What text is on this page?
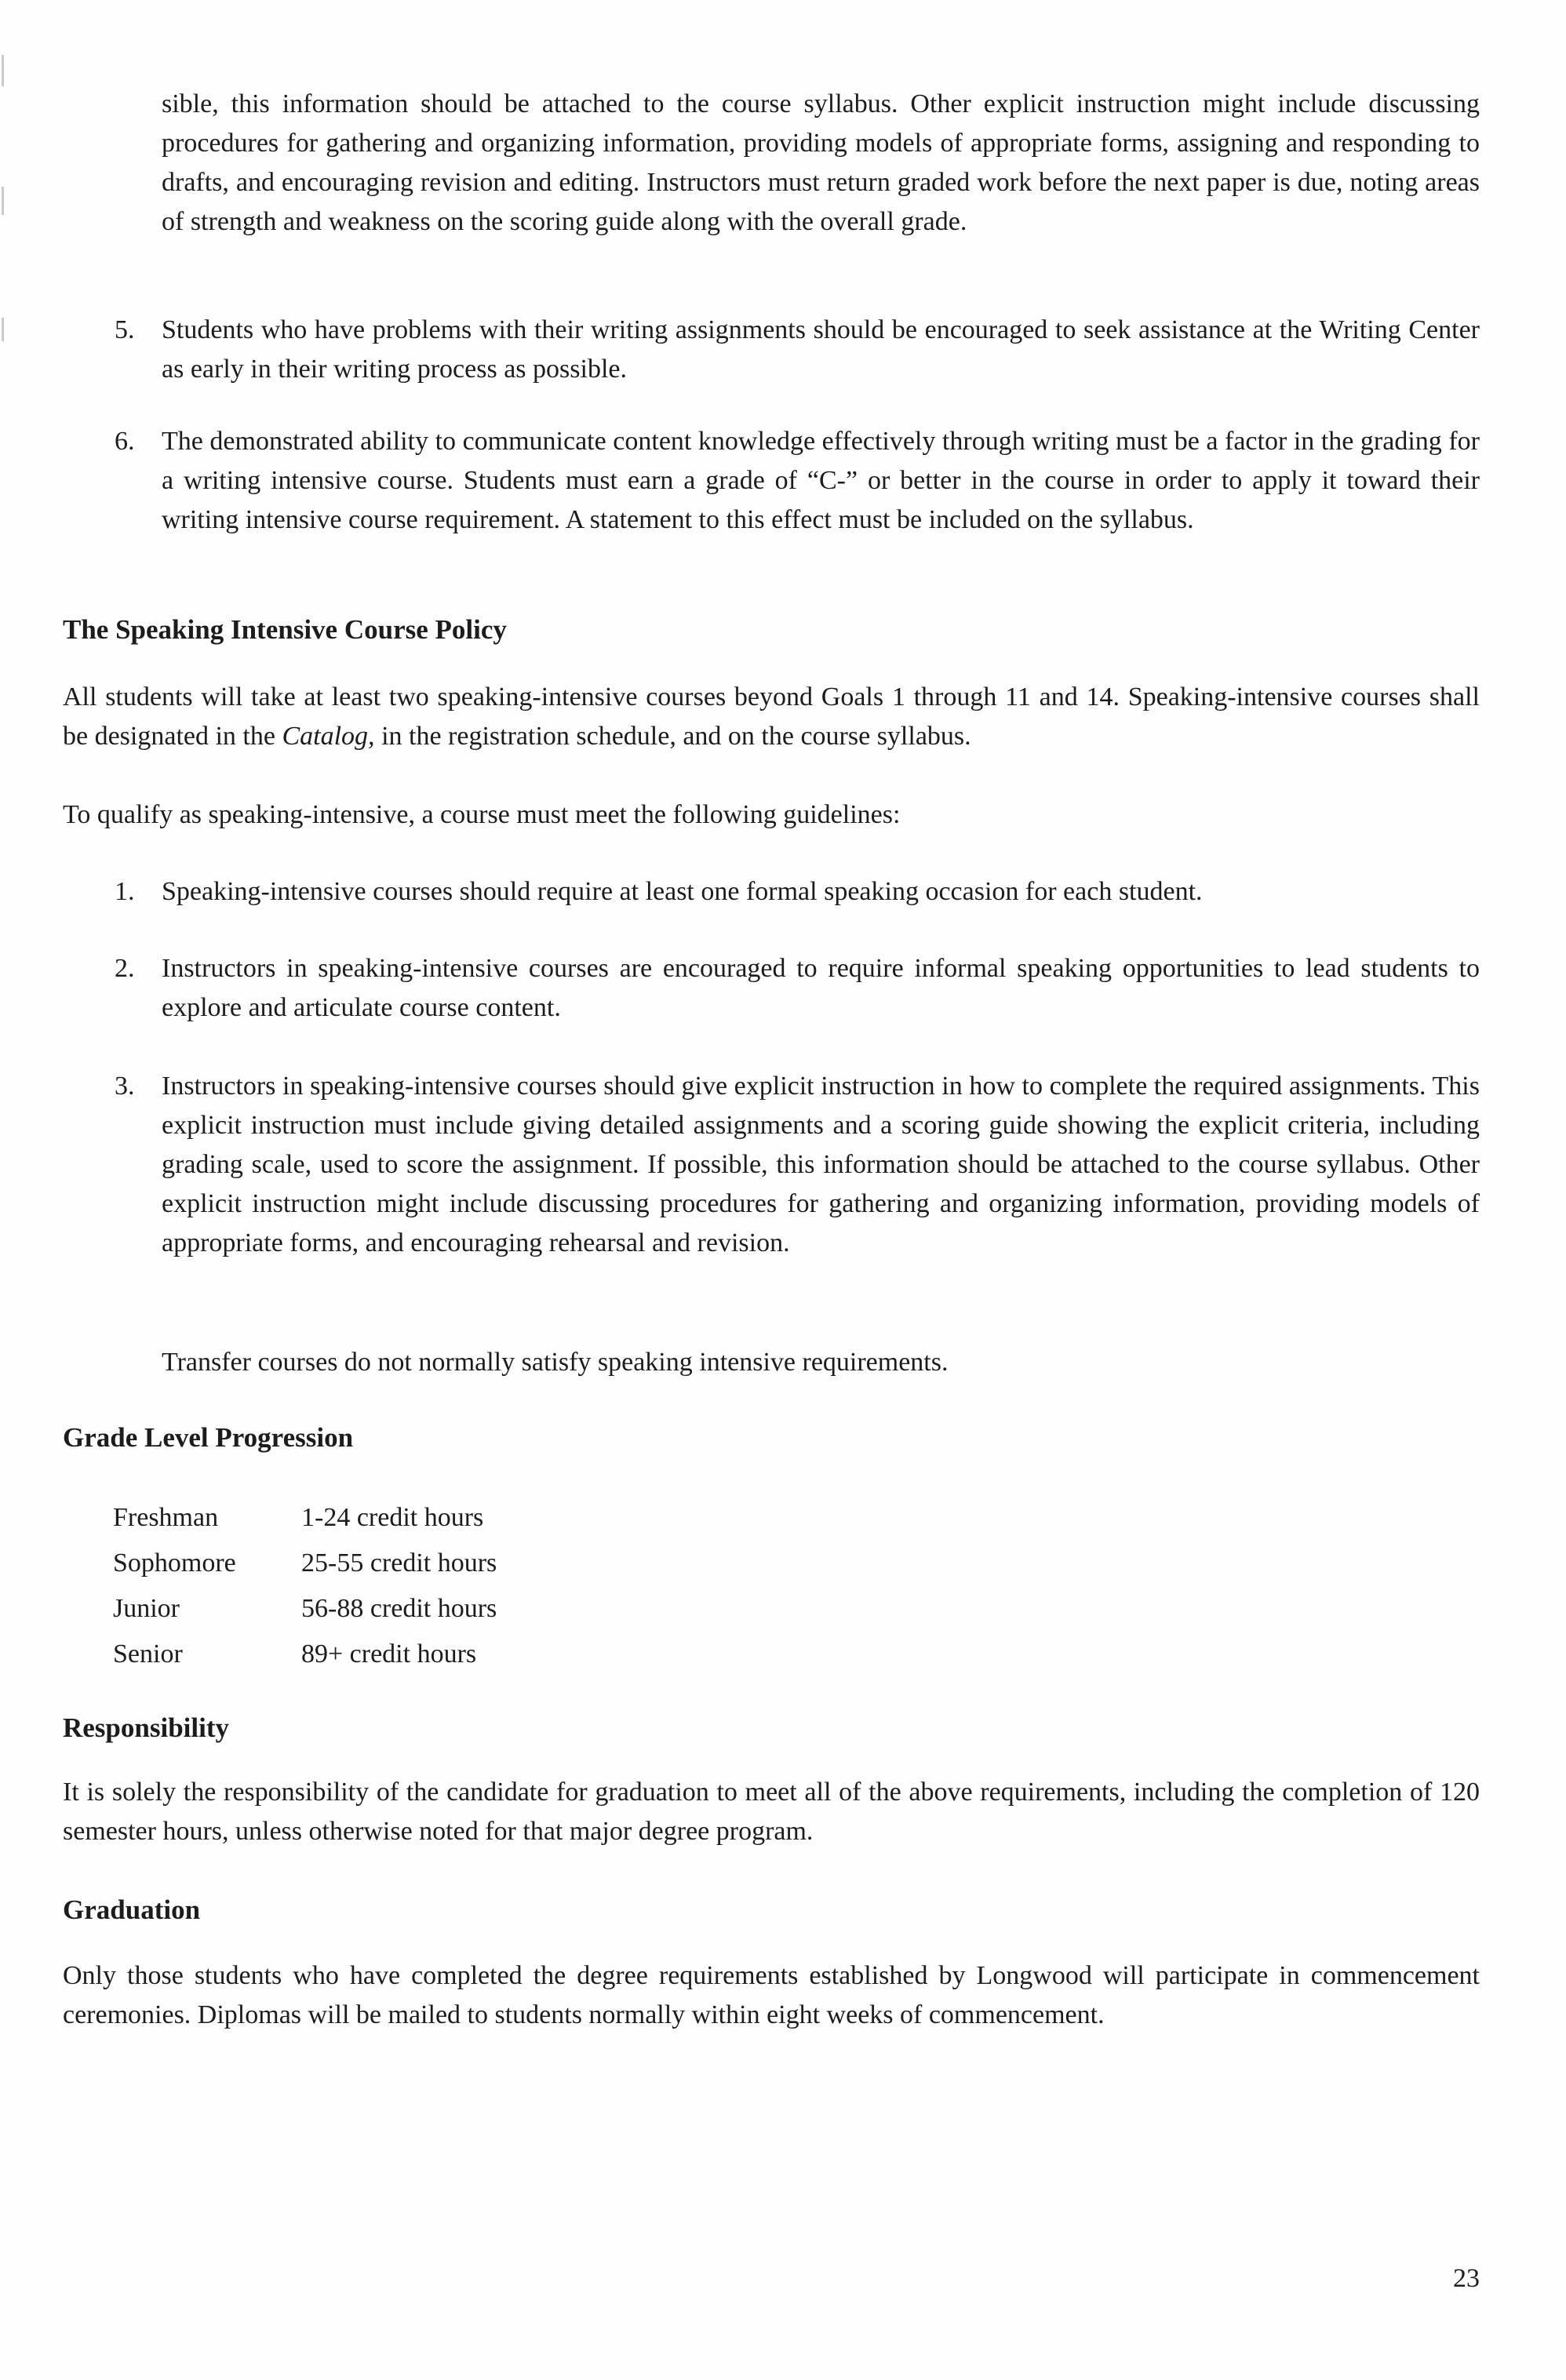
sible, this information should be attached to the course syllabus. Other explicit instruction might include discussing procedures for gathering and organizing information, providing models of appropriate forms, assigning and responding to drafts, and encouraging revision and editing. Instructors must return graded work before the next paper is due, noting areas of strength and weakness on the scoring guide along with the overall grade.

5. Students who have problems with their writing assignments should be encouraged to seek assistance at the Writing Center as early in their writing process as possible.

6. The demonstrated ability to communicate content knowledge effectively through writing must be a factor in the grading for a writing intensive course. Students must earn a grade of “C-” or better in the course in order to apply it toward their writing intensive course requirement. A statement to this effect must be included on the syllabus.

The Speaking Intensive Course Policy

All students will take at least two speaking-intensive courses beyond Goals 1 through 11 and 14. Speaking-intensive courses shall be designated in the Catalog, in the registration schedule, and on the course syllabus.

To qualify as speaking-intensive, a course must meet the following guidelines:

1. Speaking-intensive courses should require at least one formal speaking occasion for each student.

2. Instructors in speaking-intensive courses are encouraged to require informal speaking opportunities to lead students to explore and articulate course content.

3. Instructors in speaking-intensive courses should give explicit instruction in how to complete the required assignments. This explicit instruction must include giving detailed assignments and a scoring guide showing the explicit criteria, including grading scale, used to score the assignment. If possible, this information should be attached to the course syllabus. Other explicit instruction might include discussing procedures for gathering and organizing information, providing models of appropriate forms, and encouraging rehearsal and revision.

Transfer courses do not normally satisfy speaking intensive requirements.

Grade Level Progression
Freshman	1-24 credit hours
Sophomore	25-55 credit hours
Junior	56-88 credit hours
Senior	89+ credit hours
Responsibility

It is solely the responsibility of the candidate for graduation to meet all of the above requirements, including the completion of 120 semester hours, unless otherwise noted for that major degree program.

Graduation

Only those students who have completed the degree requirements established by Longwood will participate in commencement ceremonies. Diplomas will be mailed to students normally within eight weeks of commencement.

23
